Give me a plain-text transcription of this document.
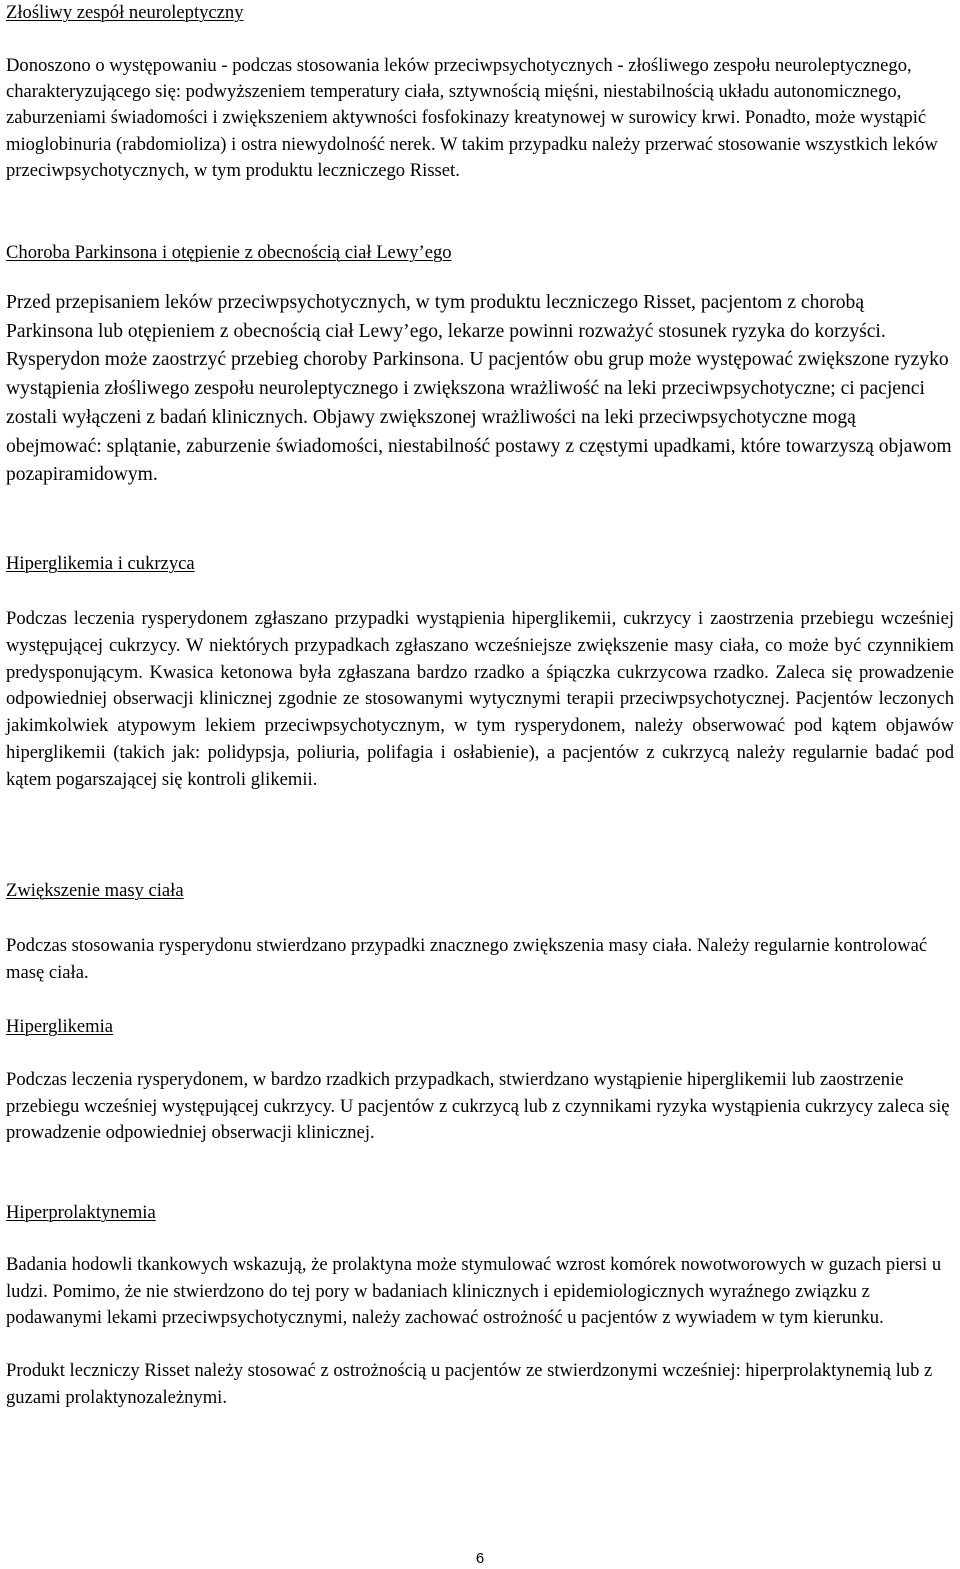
Złośliwy zespół neuroleptyczny

Donoszono o występowaniu - podczas stosowania leków przeciwpsychotycznych - złośliwego zespołu neuroleptycznego, charakteryzującego się: podwyższeniem temperatury ciała, sztywnością mięśni, niestabilnością układu autonomicznego, zaburzeniami świadomości i zwiększeniem aktywności fosfokinazy kreatynowej w surowicy krwi. Ponadto, może wystąpić mioglobinuria (rabdomioliza) i ostra niewydolność nerek. W takim przypadku należy przerwać stosowanie wszystkich leków przeciwpsychotycznych, w tym produktu leczniczego Risset.

Choroba Parkinsona i otępienie z obecnością ciał Lewy’ego

Przed przepisaniem leków przeciwpsychotycznych, w tym produktu leczniczego Risset, pacjentom z chorobą Parkinsona lub otępieniem z obecnością ciał Lewy’ego, lekarze powinni rozważyć stosunek ryzyka do korzyści. Rysperydon może zaostrzyć przebieg choroby Parkinsona. U pacjentów obu grup może występować zwiększone ryzyko wystąpienia złośliwego zespołu neuroleptycznego i zwiększona wrażliwość na leki przeciwpsychotyczne; ci pacjenci zostali wyłączeni z badań klinicznych. Objawy zwiększonej wrażliwości na leki przeciwpsychotyczne mogą obejmować: splątanie, zaburzenie świadomości, niestabilność postawy z częstymi upadkami, które towarzyszą objawom pozapiramidowym.

Hiperglikemia i cukrzyca

Podczas leczenia rysperydonem zgłaszano przypadki wystąpienia hiperglikemii, cukrzycy i zaostrzenia przebiegu wcześniej występującej cukrzycy. W niektórych przypadkach zgłaszano wcześniejsze zwiększenie masy ciała, co może być czynnikiem predysponującym. Kwasica ketonowa była zgłaszana bardzo rzadko a śpiączka cukrzycowa rzadko. Zaleca się prowadzenie odpowiedniej obserwacji klinicznej zgodnie ze stosowanymi wytycznymi terapii przeciwpsychotycznej. Pacjentów leczonych jakimkolwiek atypowym lekiem przeciwpsychotycznym, w tym rysperydonem, należy obserwować pod kątem objawów hiperglikemii (takich jak: polidypsja, poliuria, polifagia i osłabienie), a pacjentów z cukrzycą należy regularnie badać pod kątem pogarszającej się kontroli glikemii.

Zwiększenie masy ciała

Podczas stosowania rysperydonu stwierdzano przypadki znacznego zwiększenia masy ciała. Należy regularnie kontrolować masę ciała.

Hiperglikemia

Podczas leczenia rysperydonem, w bardzo rzadkich przypadkach, stwierdzano wystąpienie hiperglikemii lub zaostrzenie przebiegu wcześniej występującej cukrzycy. U pacjentów z cukrzycą lub z czynnikami ryzyka wystąpienia cukrzycy zaleca się prowadzenie odpowiedniej obserwacji klinicznej.

Hiperprolaktynemia

Badania hodowli tkankowych wskazują, że prolaktyna może stymulować wzrost komórek nowotworowych w guzach piersi u ludzi. Pomimo, że nie stwierdzono do tej pory w badaniach klinicznych i epidemiologicznych wyraźnego związku z podawanymi lekami przeciwpsychotycznymi, należy zachować ostrożność u pacjentów z wywiadem w tym kierunku.

Produkt leczniczy Risset należy stosować z ostrożnością u pacjentów ze stwierdzonymi wcześniej: hiperprolaktynemią lub z guzami prolaktynozależnymi.

6
